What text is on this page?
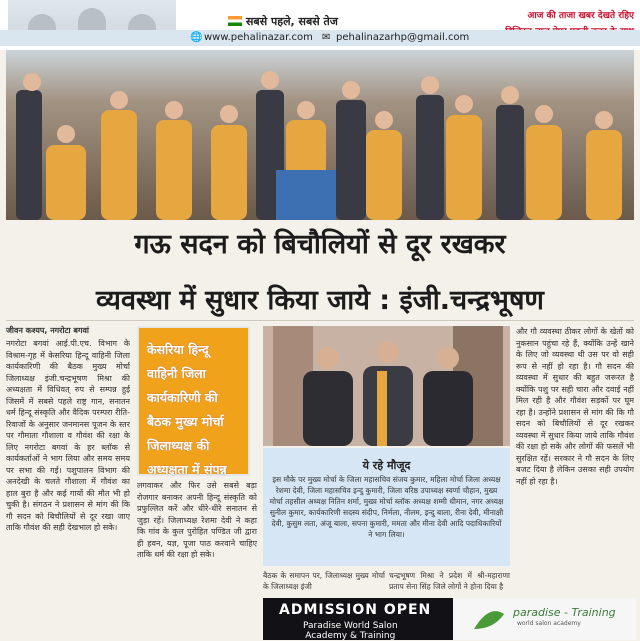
सबसे पहले, सबसे तेज	आज की ताजा खबर देखते रहिए
🌐 www.pehalinazar.com ✉ pehalinazarhp@gmail.com
गऊ सदन को बिचौलियों से दूर रखकर
व्यवस्था में सुधार किया जाये : इंजी.चन्द्रभूषण
जीवन कश्यप, नगरोटा बगवां
नगरोटा बगवां आई.पी.एच. विभाग के विश्राम-गृह में केसरिया हिन्दू वाहिनी जिला कार्यकारिणी की बैठक मुख्य मोर्चा जिलाध्यक्ष इंजी.चन्द्रभूषण मिश्रा की अध्यक्षता में विधिवत् रुप से सम्पन्न हुई जिसमें में सबसे पहले राष्ट्र गान, सनातन धर्म हिन्दू संस्कृति और वैदिक परम्परा रीति-रिवाजों के अनुसार जनमानस पूजन के स्तर पर गौमाता गौशाला व गौवंश की रक्षा के लिए नगरोटा बगवां के हर ब्लॉक से कार्यकर्ताओं ने भाग लिया और समय समय पर सभा की गई। पशुपालन विभाग की अनदेखी के चलते गौशाला में गौवंश का हाल बुरा है और कई गायों की मौत भी हो चुकी है। संगठन ने प्रशासन से मांग की कि गौ सदन को बिचौलियों से दूर रखा जाए ताकि गौवंश की सही देखभाल हो सके।
केसरिया हिन्दू वाहिनी जिला कार्यकारिणी की बैठक मुख्य मोर्चा जिलाध्यक्ष की अध्यक्षता में संपन्न
लगवाकर और फिर उसे सबसे बड़ा रोजगार बनाकर अपनी हिन्दू संस्कृति को प्रफुल्लित करें और धीरे-धीरे सनातन से जुड़ा रहें। जिलाध्यक्ष रेशमा देवी ने कहा कि गांव के कुल पुरोहित पण्डित जी द्वारा ही हवन, यज्ञ, पूजा पाठ करवाने चाहिए ताकि धर्म की रक्षा हो सके।
ये रहे मौजूद
इस मौके पर मुख्य मोर्चा के जिला महासचिव संजय कुमार, महिला मोर्चा जिला अध्यक्ष रेशमा देवी, जिला महासचिव इन्दु कुमारी, जिला वरिष्ठ उपाध्यक्ष स्वर्णा चौहान, मुख्य मोर्चा तहसील अध्यक्ष नितिन शर्मा, मुख्य मोर्चा ब्लॉक अध्यक्ष शम्मी धीमान, नगर अध्यक्ष सुनील कुमार, कार्यकारिणी सदस्य संदीप, निर्मला, नीलम, इन्दु बाला, रीना देवी, मीनाक्षी देवी, कुसुम लता, अंजू बाला, सपना कुमारी, ममता और मीना देवी आदि पदाधिकारियों ने भाग लिया।
बैठक के समापन पर, जिलाध्यक्ष मुख्य मोर्चा के जिलाध्यक्ष इंजी
चन्द्रभूषण मिश्रा ने प्रदेश में श्री-महाराणा प्रताप सेना सिंह जिले लोगों ने होना दिया है
और गौ व्यवस्था ठीकर लोगों के खेतों को नुकसान पहुंचा रहे हैं, क्योंकि उन्हें खाने के लिए जो व्यवस्था थी उस पर वो सही रूप से नहीं हो रहा है। गौ सदन की व्यवस्था में सुधार की बहुत जरूरत है क्योंकि पशु पर सही चारा और दवाई नहीं मिल रही है और गौवंश सड़कों पर घूम रहा है। उन्होंने प्रशासन से मांग की कि गौ सदन को बिचौलियों से दूर रखकर व्यवस्था में सुधार किया जाये ताकि गौवंश की रक्षा हो सके और लोगों की फसलें भी सुरक्षित रहें। सरकार ने गौ सदन के लिए बजट दिया है लेकिन उसका सही उपयोग नहीं हो रहा है।
ADMISSION OPEN
Paradise World Salon
Academy & Training
paradise - Training
world salon academy
